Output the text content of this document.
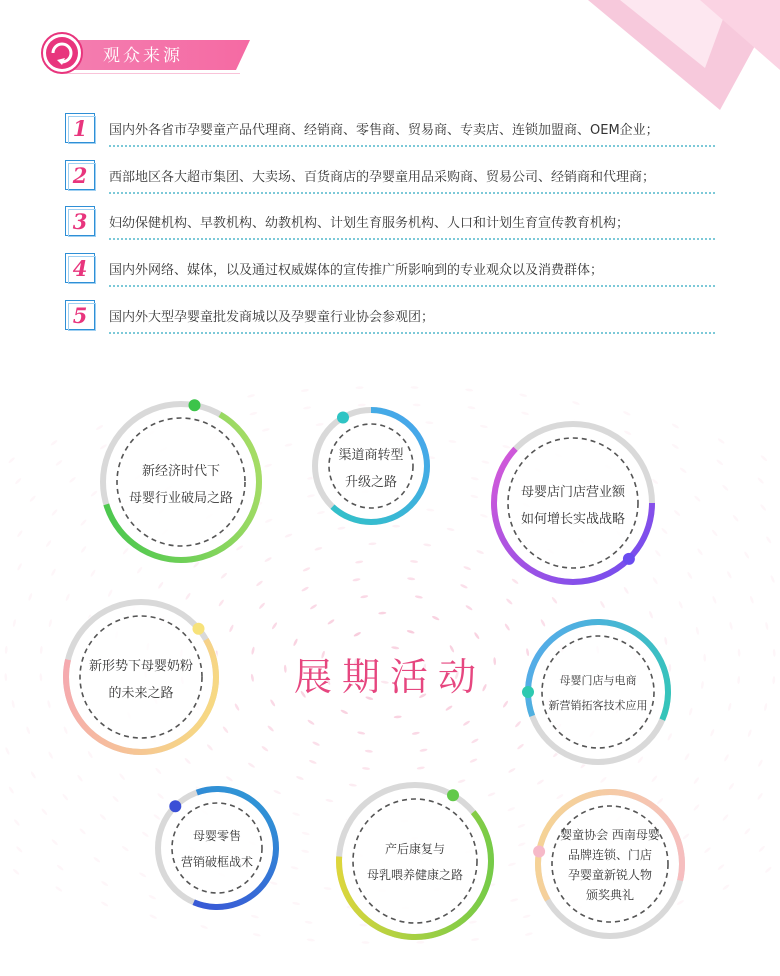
观众来源
1	国内外各省市孕婴童产品代理商、经销商、零售商、贸易商、专卖店、连锁加盟商、OEM企业；
2	西部地区各大超市集团、大卖场、百货商店的孕婴童用品采购商、贸易公司、经销商和代理商；
3	妇幼保健机构、早教机构、幼教机构、计划生育服务机构、人口和计划生育宣传教育机构；
4	国内外网络、媒体，以及通过权威媒体的宣传推广所影响到的专业观众以及消费群体；
5	国内外大型孕婴童批发商城以及孕婴童行业协会参观团；
展期活动
新经济时代下
母婴行业破局之路
渠道商转型
升级之路
母婴店门店营业额
如何增长实战战略
新形势下母婴奶粉
的未来之路
母婴门店与电商
新营销拓客技术应用
母婴零售
营销破框战术
产后康复与
母乳喂养健康之路
婴童协会 西南母婴
品牌连锁、门店
孕婴童新锐人物
颁奖典礼
